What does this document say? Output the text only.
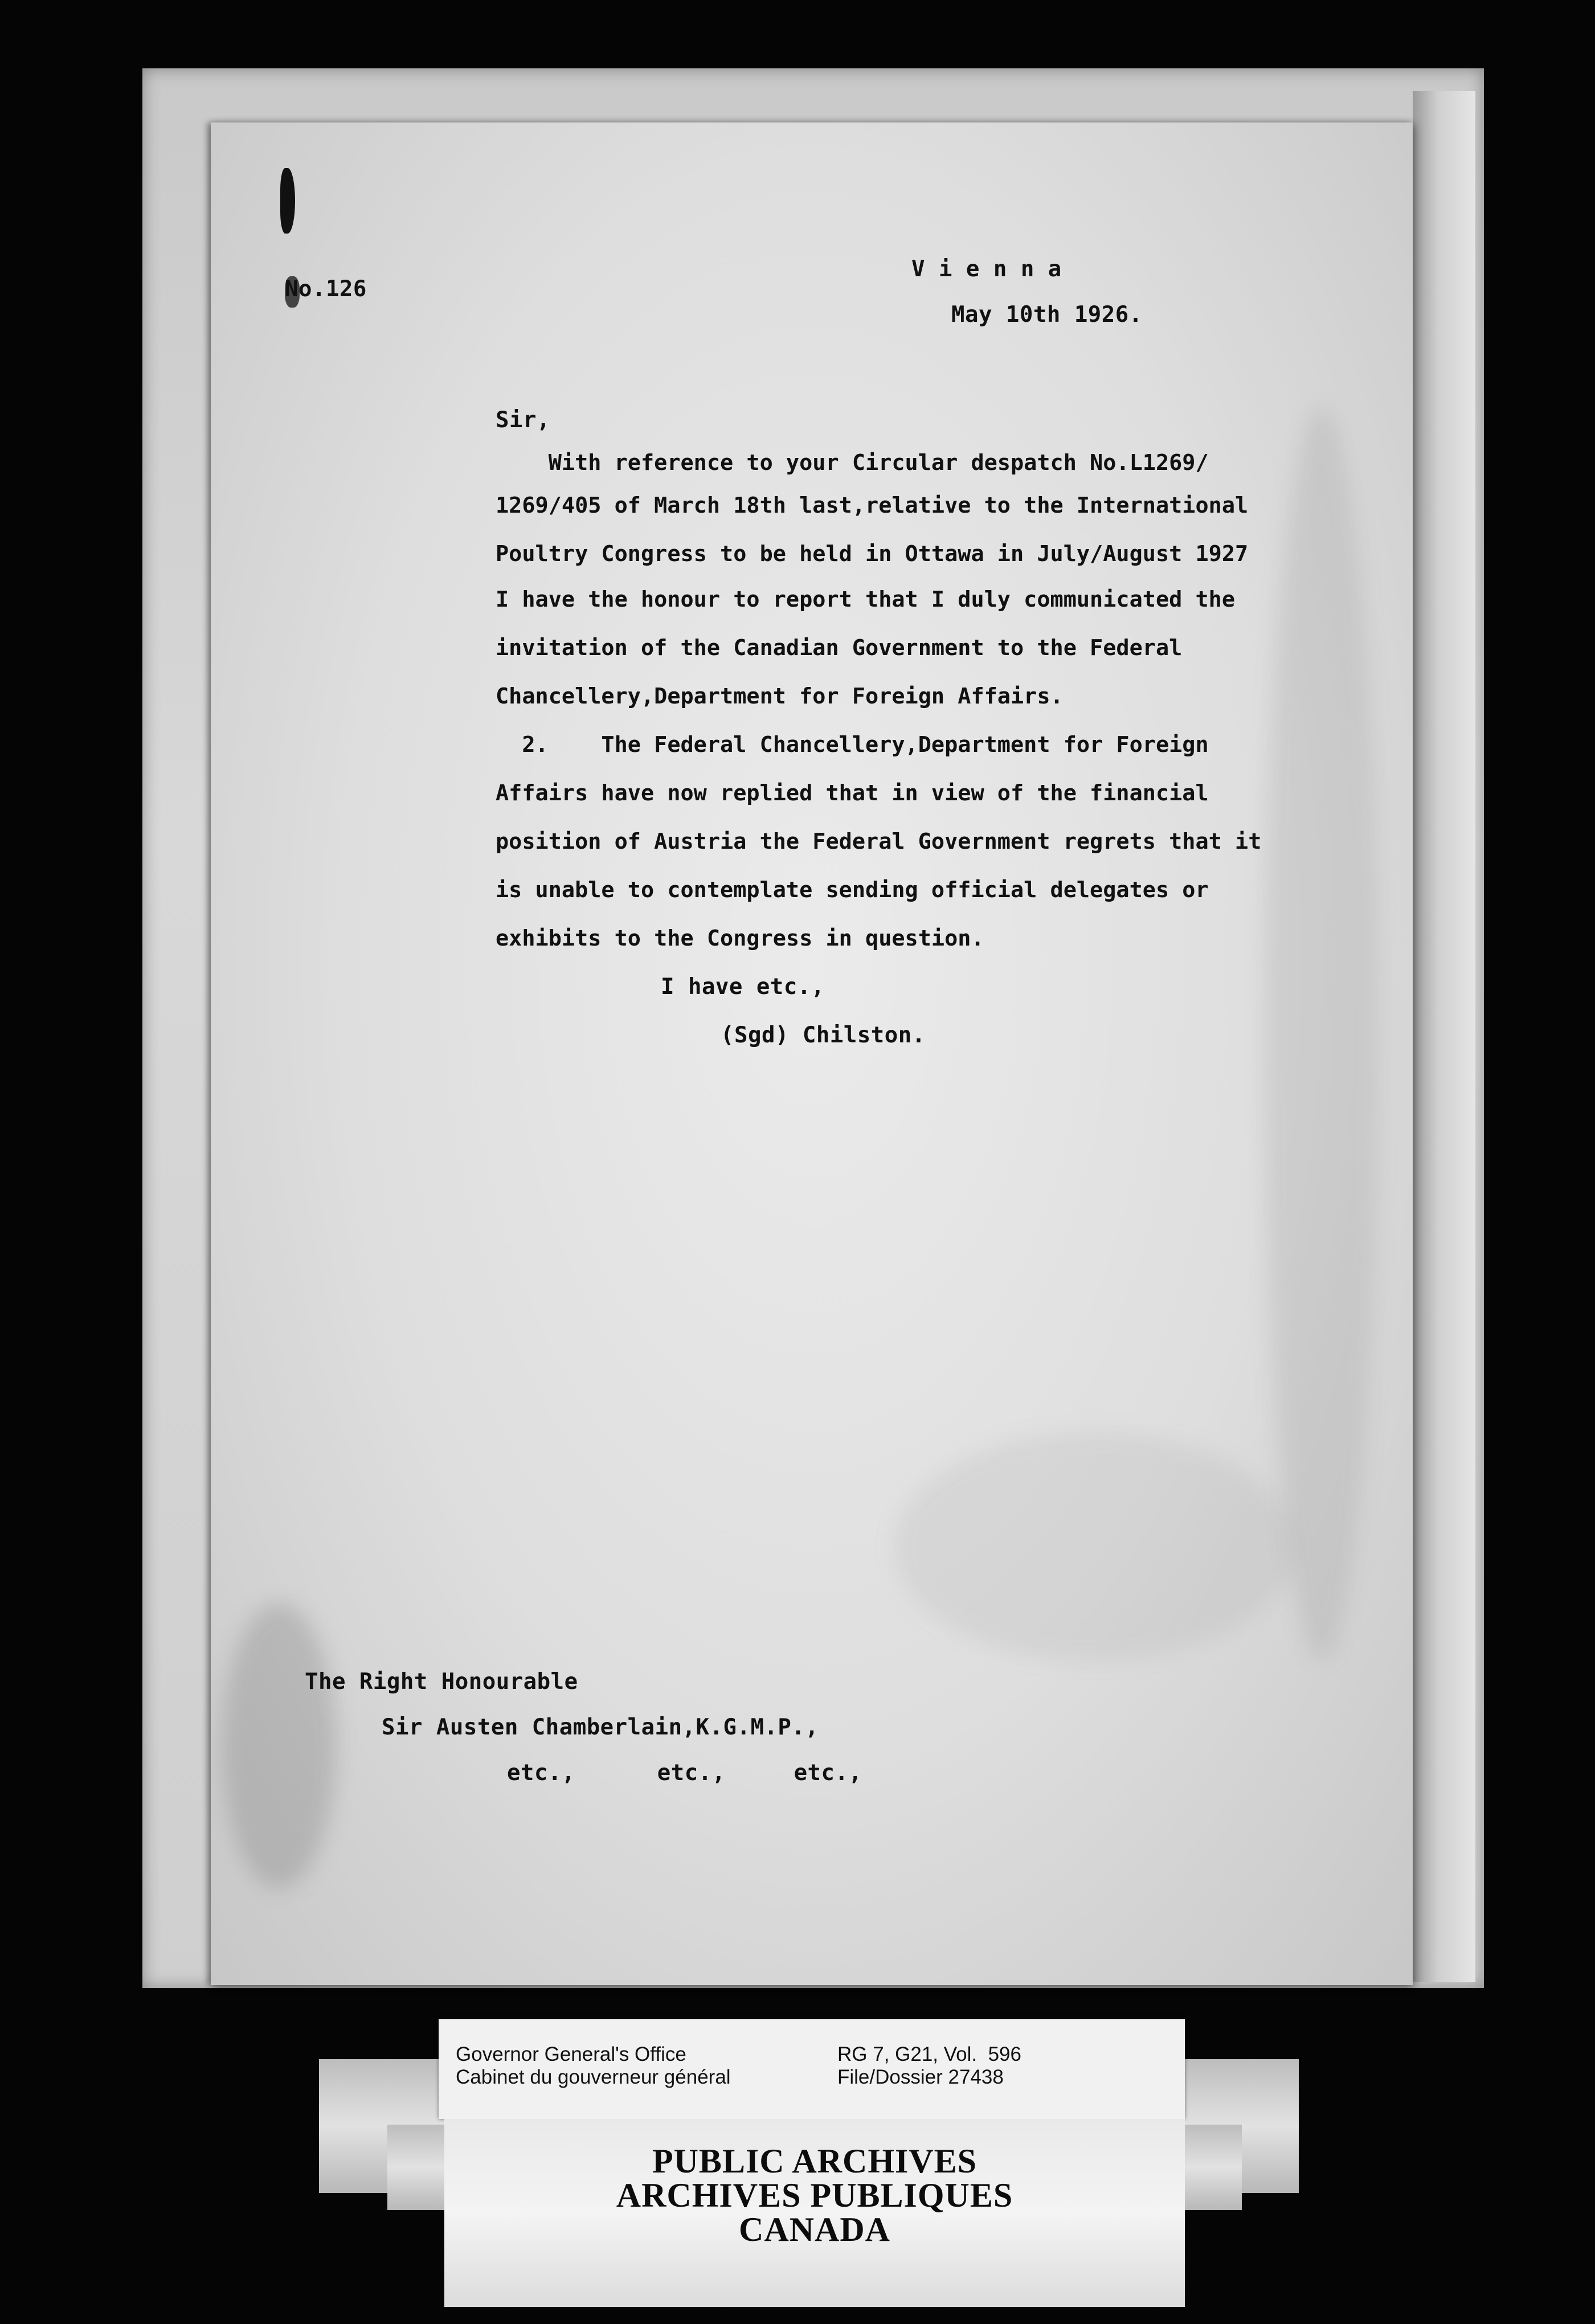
No.126

V i e n n a

May 10th 1926.

Sir,

With reference to your Circular despatch No.L1269/

1269/405 of March 18th last,relative to the International

Poultry Congress to be held in Ottawa in July/August 1927

I have the honour to report that I duly communicated the

invitation of the Canadian Government to the Federal

Chancellery,Department for Foreign Affairs.

2.    The Federal Chancellery,Department for Foreign

Affairs have now replied that in view of the financial

position of Austria the Federal Government regrets that it

is unable to contemplate sending official delegates or

exhibits to the Congress in question.

I have etc.,

(Sgd) Chilston.

The Right Honourable

Sir Austen Chamberlain,K.G.M.P.,

etc.,      etc.,     etc.,

Governor General's Office

Cabinet du gouverneur général

RG 7, G21, Vol.  596

File/Dossier 27438

PUBLIC ARCHIVES

ARCHIVES PUBLIQUES

CANADA
